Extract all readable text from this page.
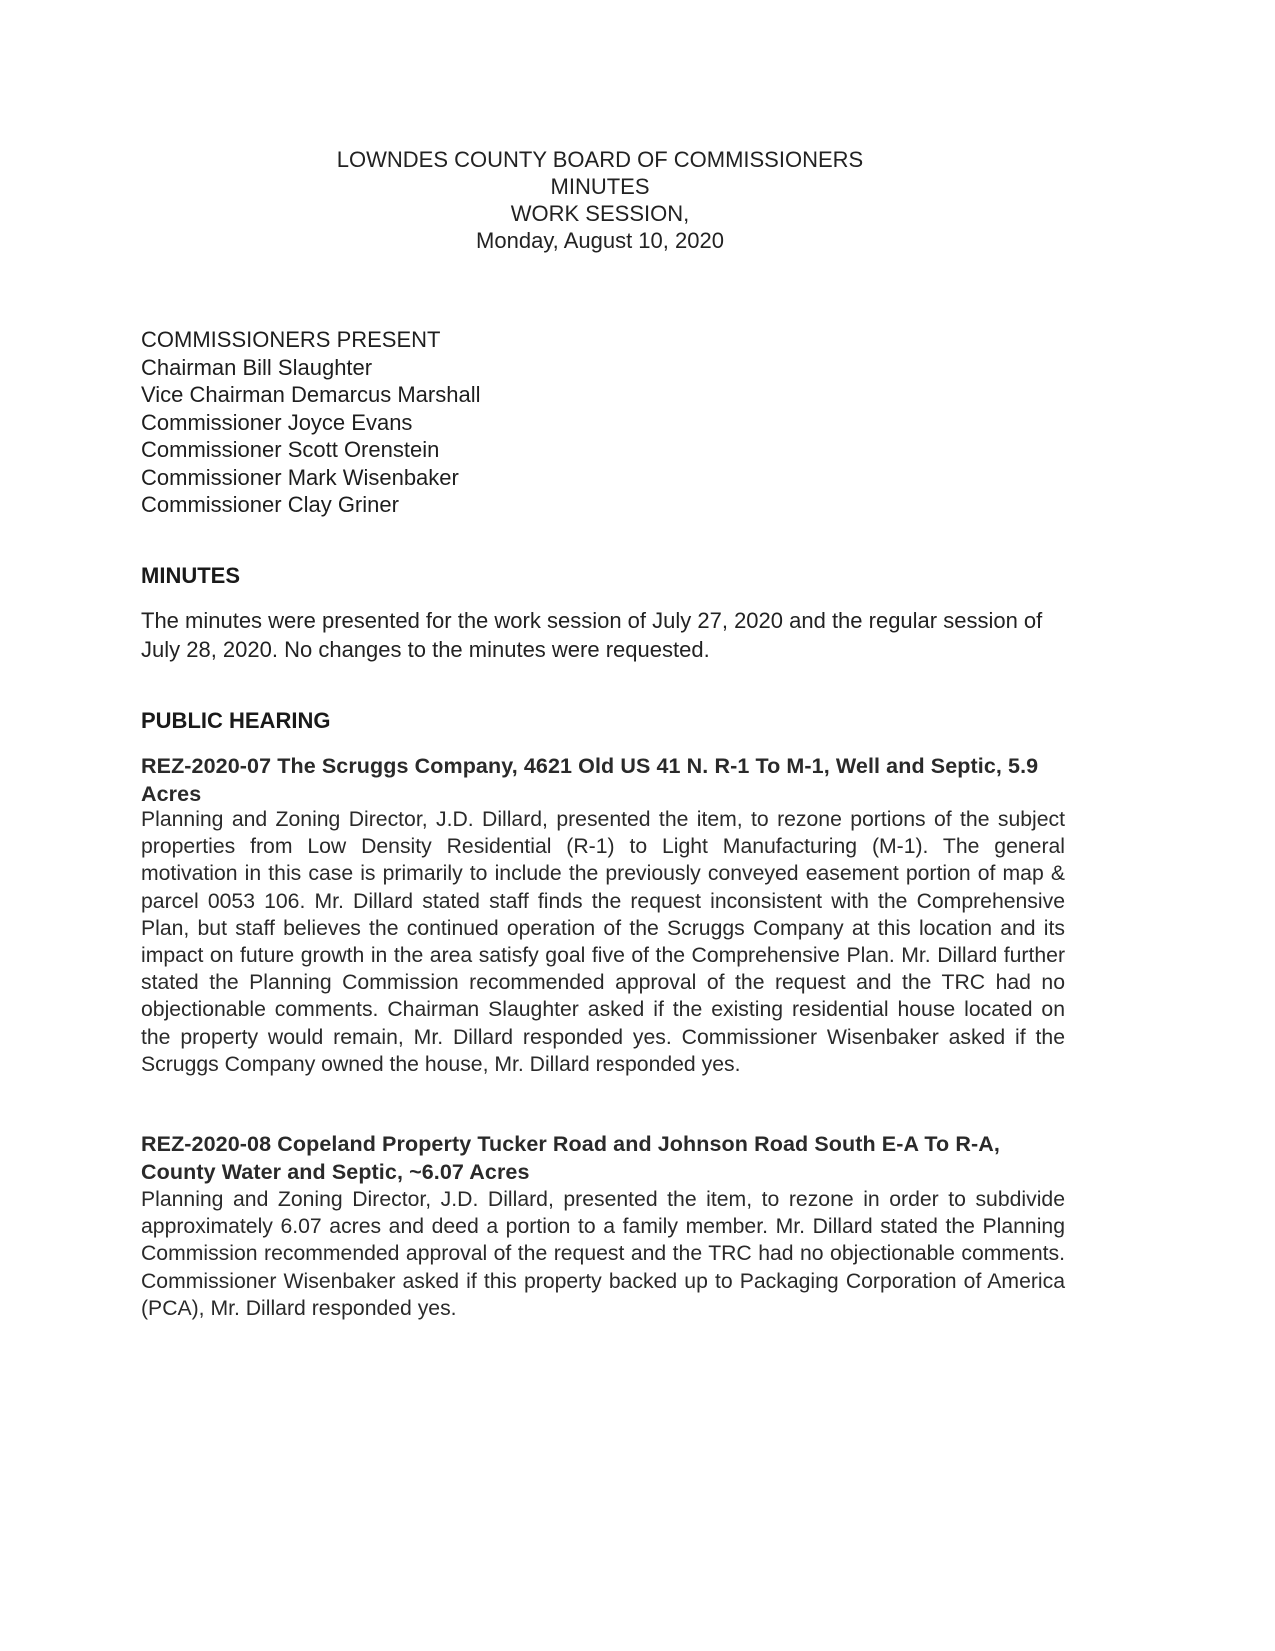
LOWNDES COUNTY BOARD OF COMMISSIONERS
MINUTES
WORK SESSION,
Monday, August 10, 2020
COMMISSIONERS PRESENT
Chairman Bill Slaughter
Vice Chairman Demarcus Marshall
Commissioner Joyce Evans
Commissioner Scott Orenstein
Commissioner Mark Wisenbaker
Commissioner Clay Griner
MINUTES
The minutes were presented for the work session of July 27, 2020 and the regular session of July 28, 2020. No changes to the minutes were requested.
PUBLIC HEARING
REZ-2020-07 The Scruggs Company, 4621 Old US 41 N. R-1 To M-1, Well and Septic, 5.9 Acres
Planning and Zoning Director, J.D. Dillard, presented the item, to rezone portions of the subject properties from Low Density Residential (R-1) to Light Manufacturing (M-1). The general motivation in this case is primarily to include the previously conveyed easement portion of map & parcel 0053 106. Mr. Dillard stated staff finds the request inconsistent with the Comprehensive Plan, but staff believes the continued operation of the Scruggs Company at this location and its impact on future growth in the area satisfy goal five of the Comprehensive Plan. Mr. Dillard further stated the Planning Commission recommended approval of the request and the TRC had no objectionable comments. Chairman Slaughter asked if the existing residential house located on the property would remain, Mr. Dillard responded yes. Commissioner Wisenbaker asked if the Scruggs Company owned the house, Mr. Dillard responded yes.
REZ-2020-08 Copeland Property Tucker Road and Johnson Road South E-A To R-A, County Water and Septic, ~6.07 Acres
Planning and Zoning Director, J.D. Dillard, presented the item, to rezone in order to subdivide approximately 6.07 acres and deed a portion to a family member. Mr. Dillard stated the Planning Commission recommended approval of the request and the TRC had no objectionable comments. Commissioner Wisenbaker asked if this property backed up to Packaging Corporation of America (PCA), Mr. Dillard responded yes.
